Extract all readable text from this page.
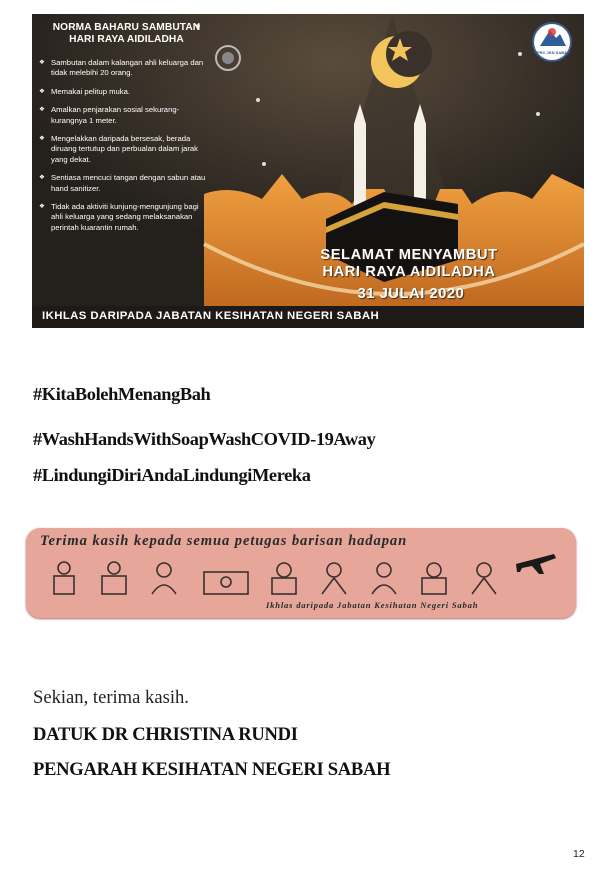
NORMA BAHARU SAMBUTAN HARI RAYA AIDILADHA
❖ Sambutan dalam kalangan ahli keluarga dan tidak melebihi 20 orang.
❖ Memakai pelitup muka.
❖ Amalkan penjarakan sosial sekurang-kurangnya 1 meter.
❖ Mengelakkan daripada bersesak, berada diruang tertutup dan perbualan dalam jarak yang dekat.
❖ Sentiasa mencuci tangan dengan sabun atau hand sanitizer.
❖ Tidak ada aktiviti kunjung-mengunjung bagi ahli keluarga yang sedang melaksanakan perintah kuarantin rumah.
SELAMAT MENYAMBUT
HARI RAYA AIDILADHA
31 JULAI 2020
CPRC JKN SABAH
IKHLAS DARIPADA JABATAN KESIHATAN NEGERI SABAH
#KitaBolehMenangBah
#WashHandsWithSoapWashCOVID-19Away
#LindungiDiriAndaLindungiMereka
Terima kasih kepada semua petugas barisan hadapan
Ikhlas daripada Jabatan Kesihatan Negeri Sabah
Sekian, terima kasih.
DATUK DR CHRISTINA RUNDI
PENGARAH KESIHATAN NEGERI SABAH
12
